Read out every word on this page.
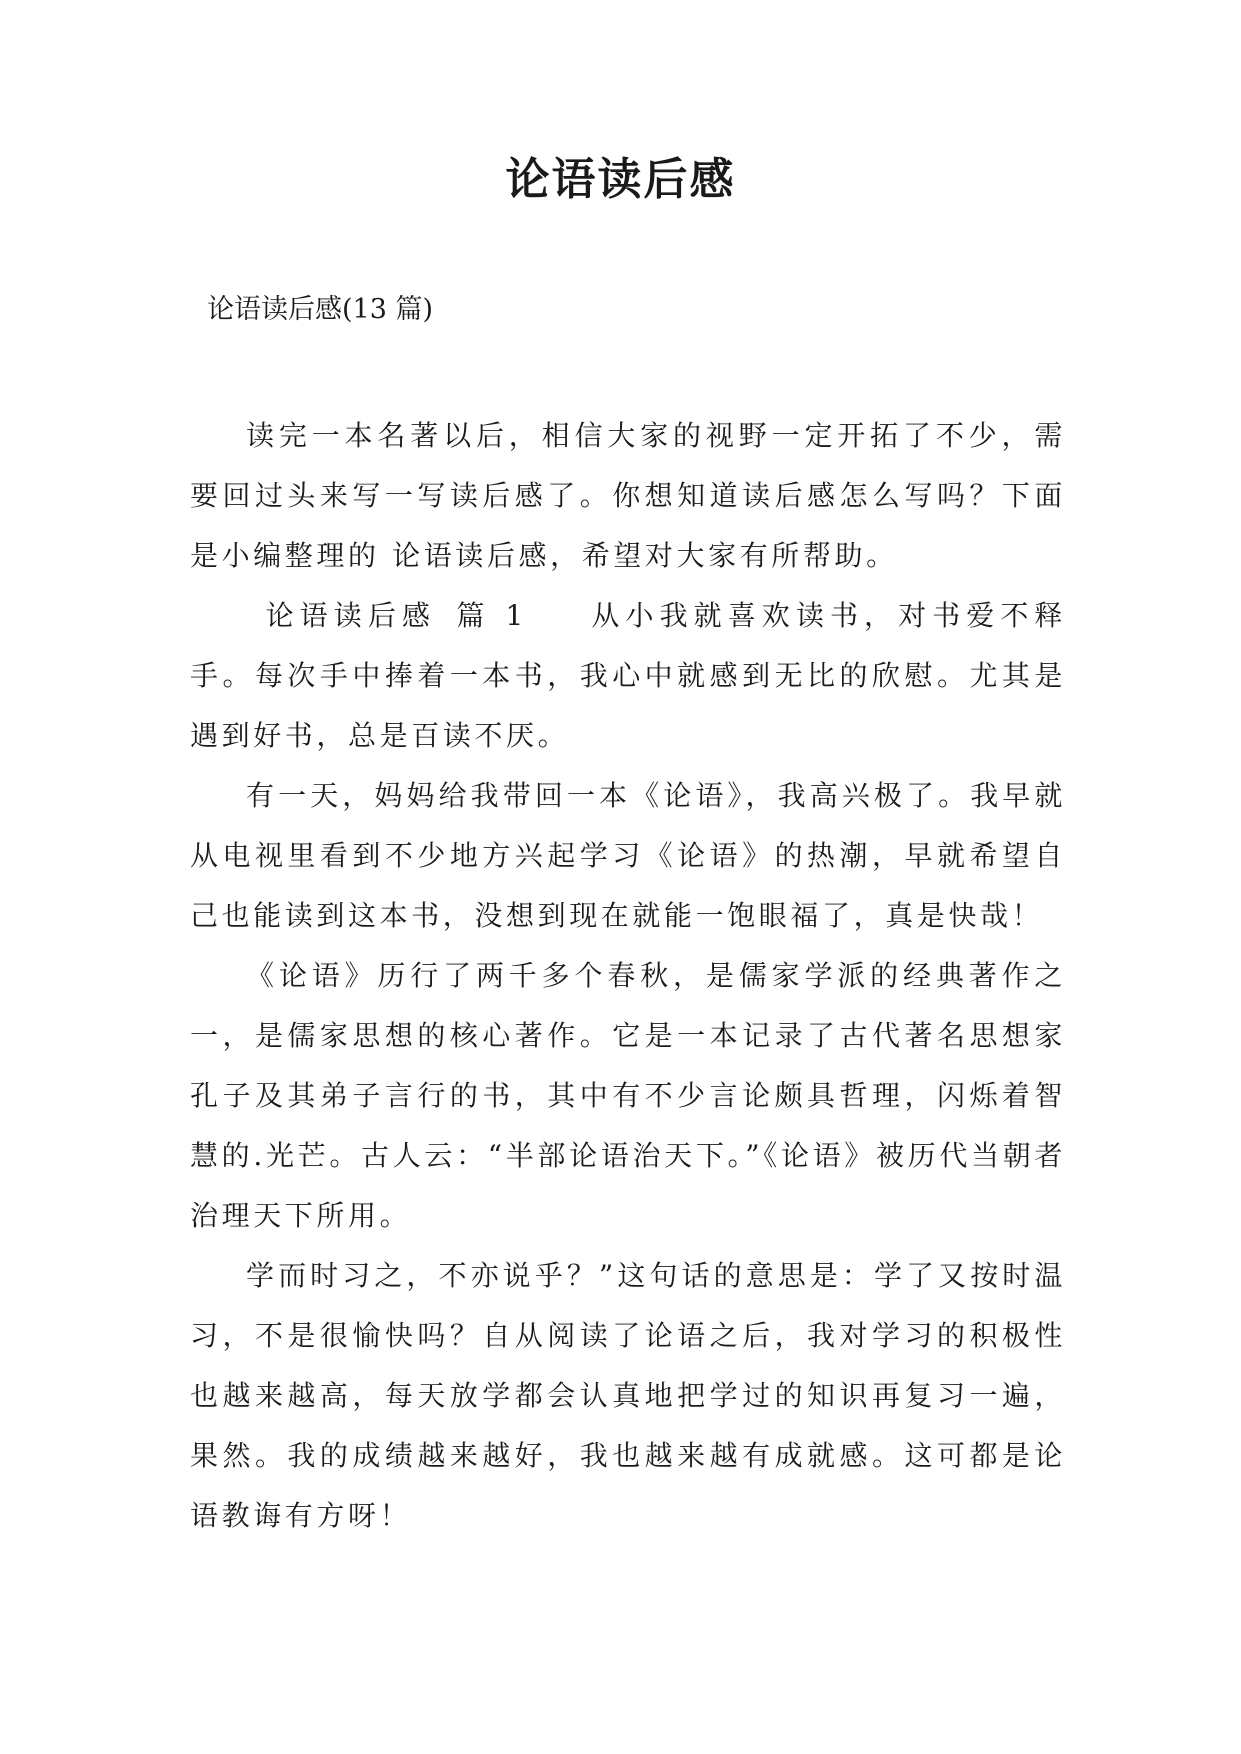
论语读后感
论语读后感(13 篇)

读完一本名著以后，相信大家的视野一定开拓了不少，需要回过头来写一写读后感了。你想知道读后感怎么写吗？下面是小编整理的 论语读后感，希望对大家有所帮助。

论语读后感 篇 1 从小我就喜欢读书，对书爱不释手。每次手中捧着一本书，我心中就感到无比的欣慰。尤其是遇到好书，总是百读不厌。

有一天，妈妈给我带回一本《论语》，我高兴极了。我早就从电视里看到不少地方兴起学习《论语》的热潮，早就希望自己也能读到这本书，没想到现在就能一饱眼福了，真是快哉！

《论语》历行了两千多个春秋，是儒家学派的经典著作之一，是儒家思想的核心著作。它是一本记录了古代著名思想家孔子及其弟子言行的书，其中有不少言论颇具哲理，闪烁着智慧的.光芒。古人云：“半部论语治天下。”《论语》被历代当朝者治理天下所用。

学而时习之，不亦说乎？”这句话的意思是：学了又按时温习，不是很愉快吗？自从阅读了论语之后，我对学习的积极性也越来越高，每天放学都会认真地把学过的知识再复习一遍，果然。我的成绩越来越好，我也越来越有成就感。这可都是论语教诲有方呀！
